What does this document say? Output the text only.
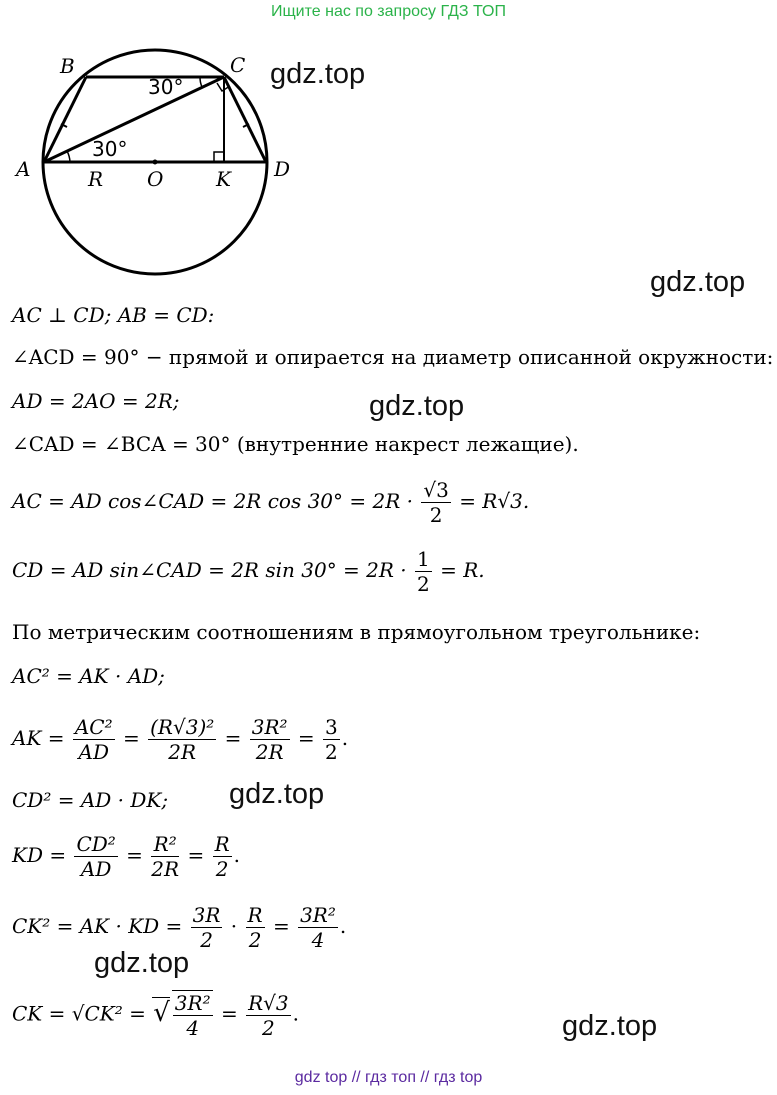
Ищите нас по запросу ГДЗ ТОП
A
B	C
D
O	K
R
30°
30°
gdz.top
gdz.top
gdz.top
gdz.top
gdz.top
gdz.top
AC ⊥ CD; AB = CD:
∠ACD = 90° − прямой и опирается на диаметр описанной окружности:
AD = 2AO = 2R;
∠CAD = ∠BCA = 30° (внутренние накрест лежащие).
AC = AD cos∠CAD = 2R $\cos 30^\circ = 2R \cdot \frac{√3}{2} = R√3$.
CD = AD sin∠CAD = 2R $\sin 30^\circ = 2R \cdot \frac{1}{2} = R$.
По метрическим соотношениям в прямоугольном треугольнике:
AC² = AK · AD;
AK = $\frac{\text{AC²}}{AD} = \frac{\text{(R√3)²}}{2R} = \frac{\text{3R²}}{2R} = \frac{3}{2}$ .
CD² = AD · DK;
KD = $\frac{\text{CD²}}{AD} = \frac{\text{R²}}{2R} = \frac{R}{2}$ .
CK² = AK · KD = $\frac{3R}{2} \cdot \frac{R}{2} = \frac{\text{3R²}}{4}$ .
CK = √CK² = √ $\frac{\text{3R²}}{4} = \frac{R√3}{2}$ .
gdz top // гдз топ // гдз top
